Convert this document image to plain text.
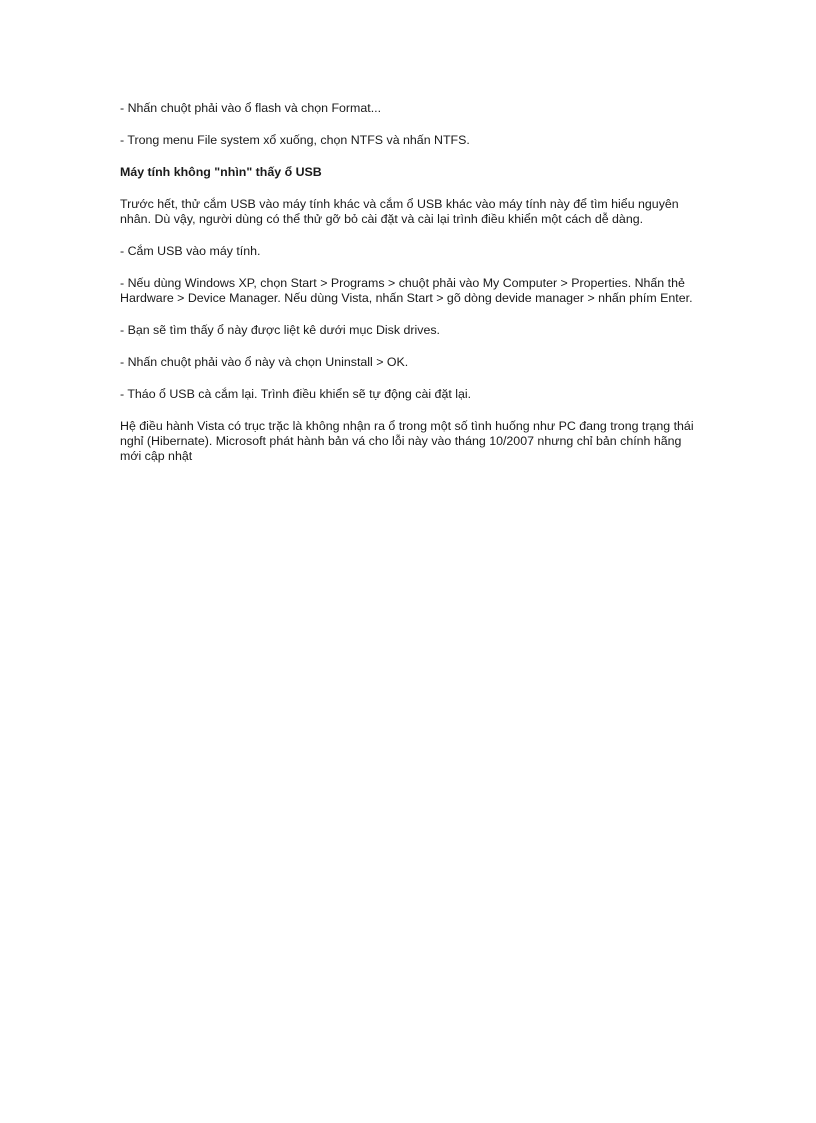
- Nhấn chuột phải vào ổ flash và chọn Format...

- Trong menu File system xổ xuống, chọn NTFS và nhấn NTFS.

Máy tính không "nhìn" thấy ổ USB

Trước hết, thử cắm USB vào máy tính khác và cắm ổ USB khác vào máy tính này để tìm hiểu nguyên nhân. Dù vậy, người dùng có thể thử gỡ bỏ cài đặt và cài lại trình điều khiển một cách dễ dàng.

- Cắm USB vào máy tính.

- Nếu dùng Windows XP, chọn Start > Programs > chuột phải vào My Computer > Properties. Nhấn thẻ Hardware > Device Manager. Nếu dùng Vista, nhấn Start > gõ dòng devide manager > nhấn phím Enter.

- Bạn sẽ tìm thấy ổ này được liệt kê dưới mục Disk drives.

- Nhấn chuột phải vào ổ này và chọn Uninstall > OK.

- Tháo ổ USB cà cắm lại. Trình điều khiển sẽ tự động cài đặt lại.

Hệ điều hành Vista có trục trặc là không nhận ra ổ trong một số tình huống như PC đang trong trạng thái nghỉ (Hibernate). Microsoft phát hành bản vá cho lỗi này vào tháng 10/2007 nhưng chỉ bản chính hãng mới cập nhật
